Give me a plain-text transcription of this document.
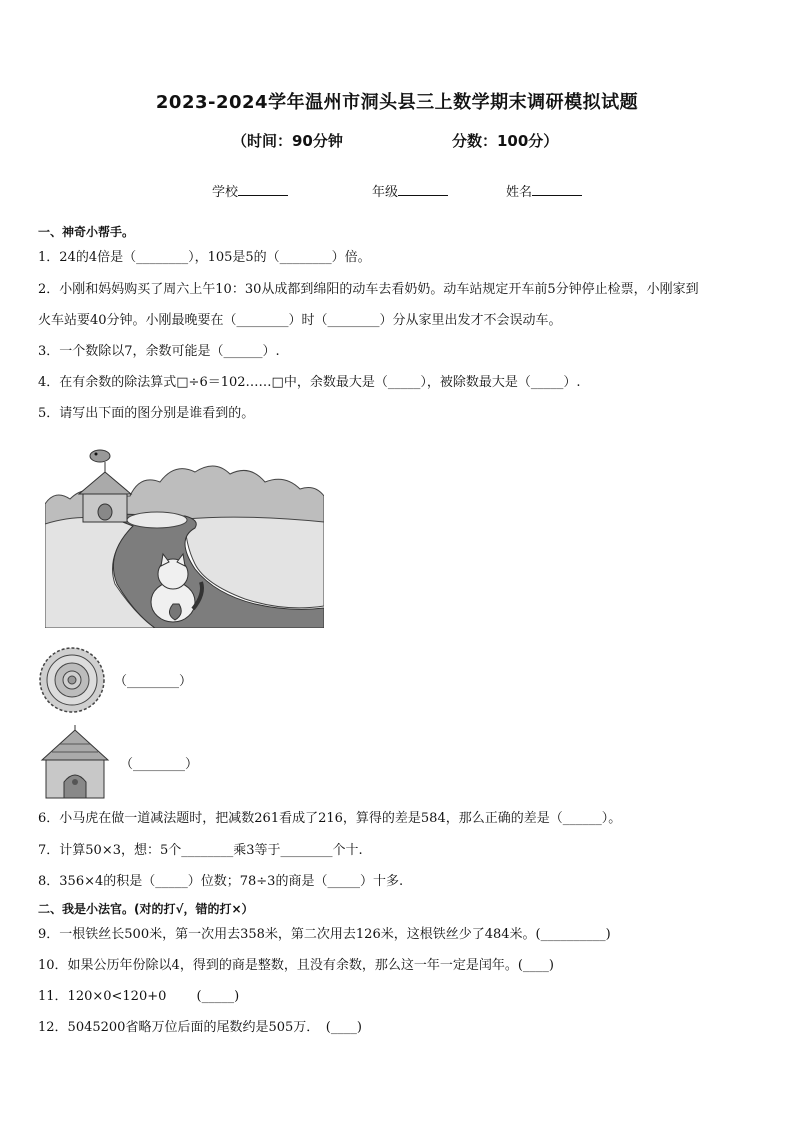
2023-2024学年温州市洞头县三上数学期末调研模拟试题
（时间：90分钟	分数：100分）
学校	年级	姓名
一、神奇小帮手。
1．24的4倍是（________），105是5的（________）倍。
2．小刚和妈妈购买了周六上午10：30从成都到绵阳的动车去看奶奶。动车站规定开车前5分钟停止检票，小刚家到
火车站要40分钟。小刚最晚要在（________）时（________）分从家里出发才不会误动车。
3．一个数除以7，余数可能是（______）.
4．在有余数的除法算式□÷6＝102……□中，余数最大是（_____），被除数最大是（_____）.
5．请写出下面的图分别是谁看到的。
（________）
（________）
6．小马虎在做一道减法题时，把减数261看成了216，算得的差是584，那么正确的差是（______）。
7．计算50×3，想：5个________乘3等于________个十.
8．356×4的积是（_____）位数；78÷3的商是（_____）十多.
二、我是小法官。(对的打√，错的打×）
9．一根铁丝长500米，第一次用去358米，第二次用去126米，这根铁丝少了484米。(__________)
10．如果公历年份除以4，得到的商是整数，且没有余数，那么这一年一定是闰年。(____)
11．120×0<120+0　　 (_____)
12．5045200省略万位后面的尾数约是505万．　(____)
